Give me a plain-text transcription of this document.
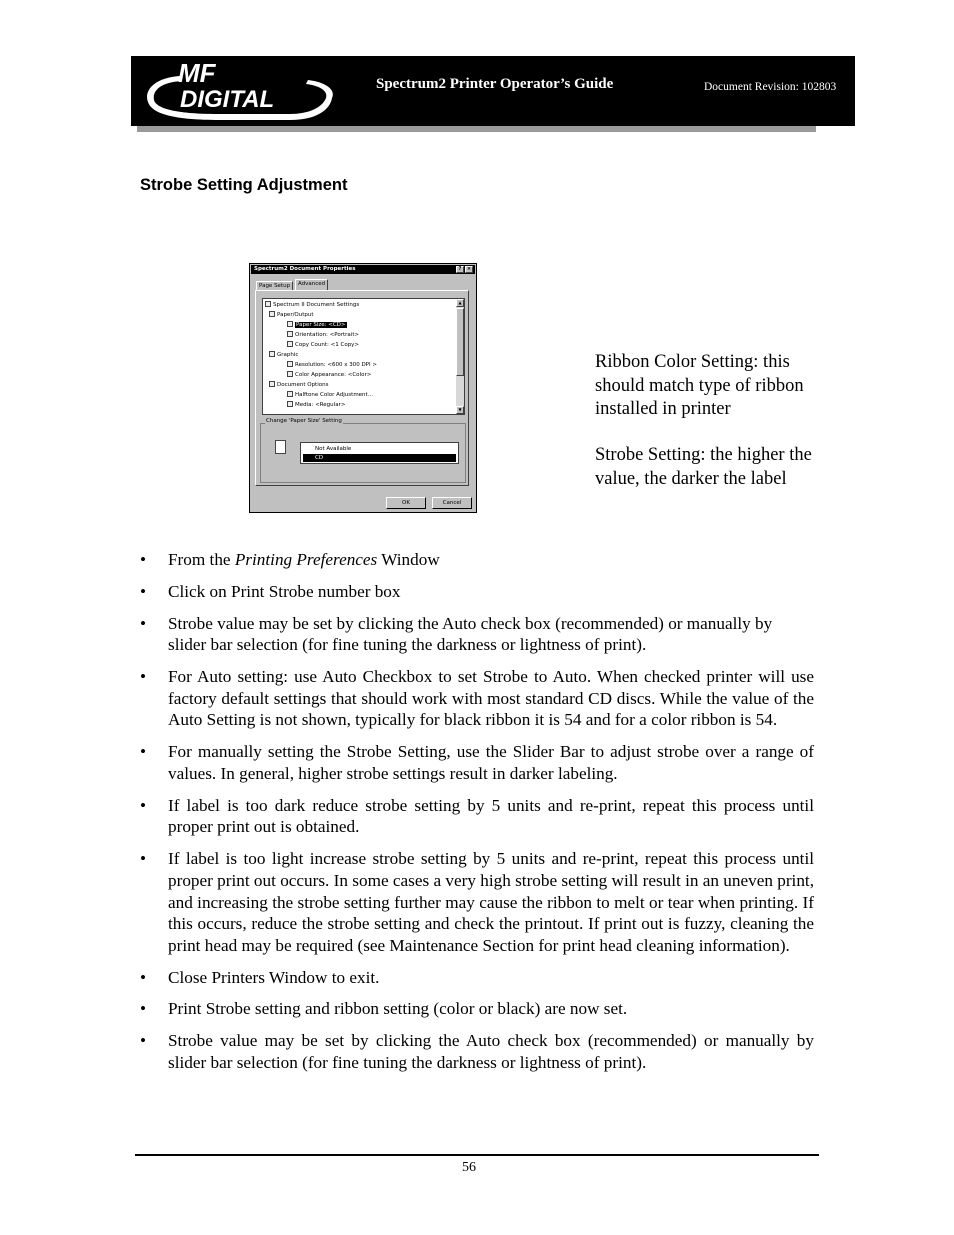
MF
DIGITAL
Spectrum2 Printer Operator’s Guide	Document Revision: 102803
Strobe Setting Adjustment
Spectrum2 Document Properties	?	×
Page Setup	Advanced
Spectrum II Document Settings
Paper/Output
Paper Size: <CD>
Orientation: <Portrait>
Copy Count: <1 Copy>
Graphic
Resolution: <600 x 300 DPI >
Color Appearance: <Color>
Document Options
Halftone Color Adjustment...
Media: <Regular>
▲
▼
Change 'Paper Size' Setting
Not Available
CD
OK	Cancel

Ribbon Color Setting: this should match type of ribbon installed in printer

Strobe Setting: the higher the value, the darker the label

• From the Printing Preferences Window
• Click on Print Strobe number box
• Strobe value may be set by clicking the Auto check box (recommended) or manually by slider bar selection (for fine tuning the darkness or lightness of print).
• For Auto setting: use Auto Checkbox to set Strobe to Auto. When checked printer will use factory default settings that should work with most standard CD discs. While the value of the Auto Setting is not shown, typically for black ribbon it is 54 and for a color ribbon is 54.
• For manually setting the Strobe Setting, use the Slider Bar to adjust strobe over a range of values. In general, higher strobe settings result in darker labeling.
• If label is too dark reduce strobe setting by 5 units and re-print, repeat this process until proper print out is obtained.
• If label is too light increase strobe setting by 5 units and re-print, repeat this process until proper print out occurs. In some cases a very high strobe setting will result in an uneven print, and increasing the strobe setting further may cause the ribbon to melt or tear when printing. If this occurs, reduce the strobe setting and check the printout. If print out is fuzzy, cleaning the print head may be required (see Maintenance Section for print head cleaning information).
• Close Printers Window to exit.
• Print Strobe setting and ribbon setting (color or black) are now set.
• Strobe value may be set by clicking the Auto check box (recommended) or manually by slider bar selection (for fine tuning the darkness or lightness of print).
56
